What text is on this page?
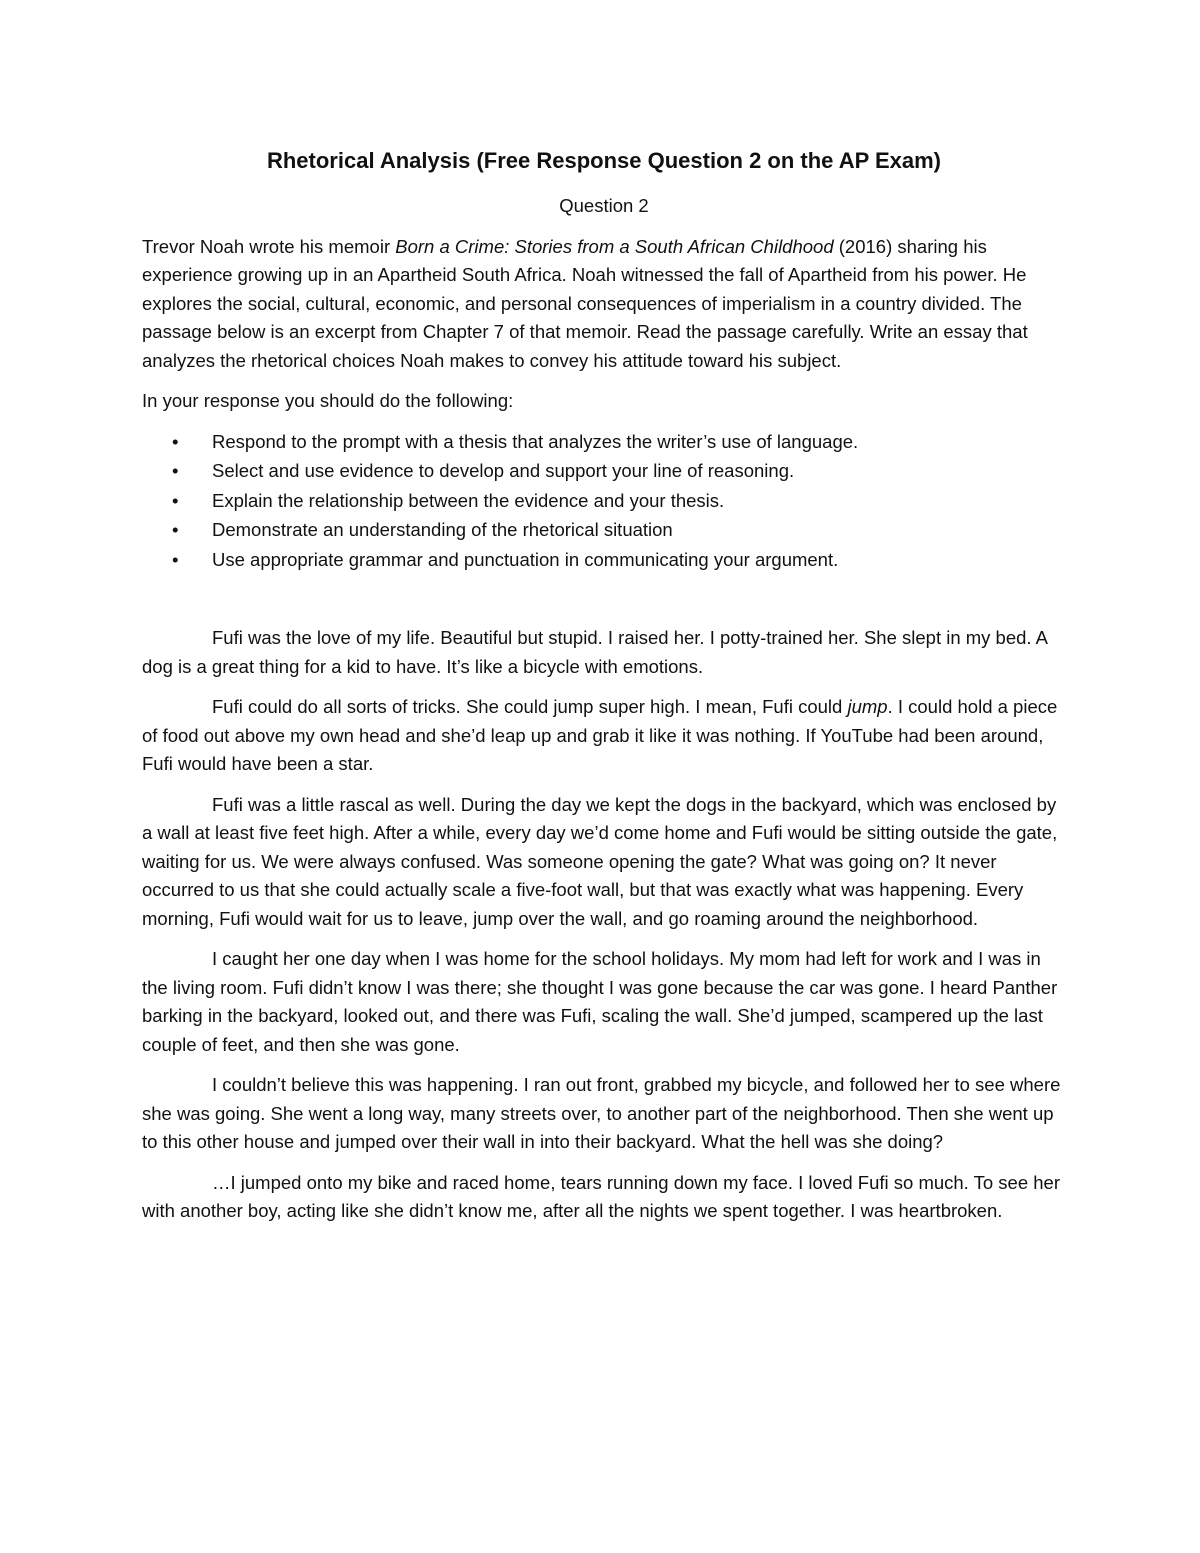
Rhetorical Analysis (Free Response Question 2 on the AP Exam)
Question 2

Trevor Noah wrote his memoir Born a Crime: Stories from a South African Childhood (2016) sharing his experience growing up in an Apartheid South Africa. Noah witnessed the fall of Apartheid from his power. He explores the social, cultural, economic, and personal consequences of imperialism in a country divided. The passage below is an excerpt from Chapter 7 of that memoir. Read the passage carefully. Write an essay that analyzes the rhetorical choices Noah makes to convey his attitude toward his subject.

In your response you should do the following:

• Respond to the prompt with a thesis that analyzes the writer’s use of language.
• Select and use evidence to develop and support your line of reasoning.
• Explain the relationship between the evidence and your thesis.
• Demonstrate an understanding of the rhetorical situation
• Use appropriate grammar and punctuation in communicating your argument.

Fufi was the love of my life. Beautiful but stupid. I raised her. I potty-trained her. She slept in my bed. A dog is a great thing for a kid to have. It’s like a bicycle with emotions.

Fufi could do all sorts of tricks. She could jump super high. I mean, Fufi could jump. I could hold a piece of food out above my own head and she’d leap up and grab it like it was nothing. If YouTube had been around, Fufi would have been a star.

Fufi was a little rascal as well. During the day we kept the dogs in the backyard, which was enclosed by a wall at least five feet high. After a while, every day we’d come home and Fufi would be sitting outside the gate, waiting for us. We were always confused. Was someone opening the gate? What was going on? It never occurred to us that she could actually scale a five-foot wall, but that was exactly what was happening. Every morning, Fufi would wait for us to leave, jump over the wall, and go roaming around the neighborhood.

I caught her one day when I was home for the school holidays. My mom had left for work and I was in the living room. Fufi didn’t know I was there; she thought I was gone because the car was gone. I heard Panther barking in the backyard, looked out, and there was Fufi, scaling the wall. She’d jumped, scampered up the last couple of feet, and then she was gone.

I couldn’t believe this was happening. I ran out front, grabbed my bicycle, and followed her to see where she was going. She went a long way, many streets over, to another part of the neighborhood. Then she went up to this other house and jumped over their wall in into their backyard. What the hell was she doing?

…I jumped onto my bike and raced home, tears running down my face. I loved Fufi so much. To see her with another boy, acting like she didn’t know me, after all the nights we spent together. I was heartbroken.
